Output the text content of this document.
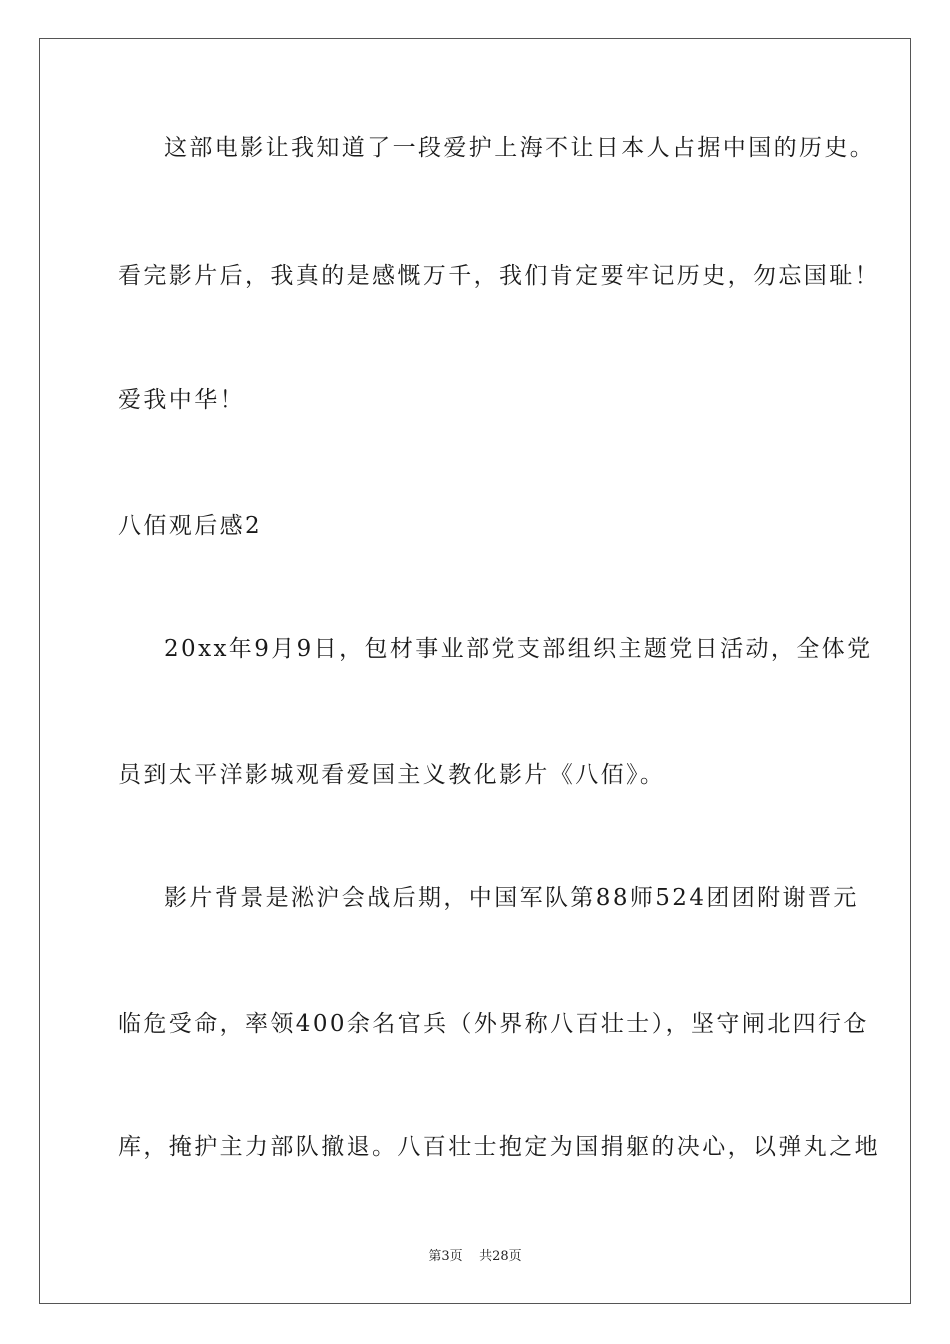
这部电影让我知道了一段爱护上海不让日本人占据中国的历史。
看完影片后，我真的是感慨万千，我们肯定要牢记历史，勿忘国耻！
爱我中华！
八佰观后感2
20xx年9月9日，包材事业部党支部组织主题党日活动，全体党
员到太平洋影城观看爱国主义教化影片《八佰》。
影片背景是淞沪会战后期，中国军队第88师524团团附谢晋元
临危受命，率领400余名官兵（外界称八百壮士），坚守闸北四行仓
库，掩护主力部队撤退。八百壮士抱定为国捐躯的决心，以弹丸之地
第3页 共28页
